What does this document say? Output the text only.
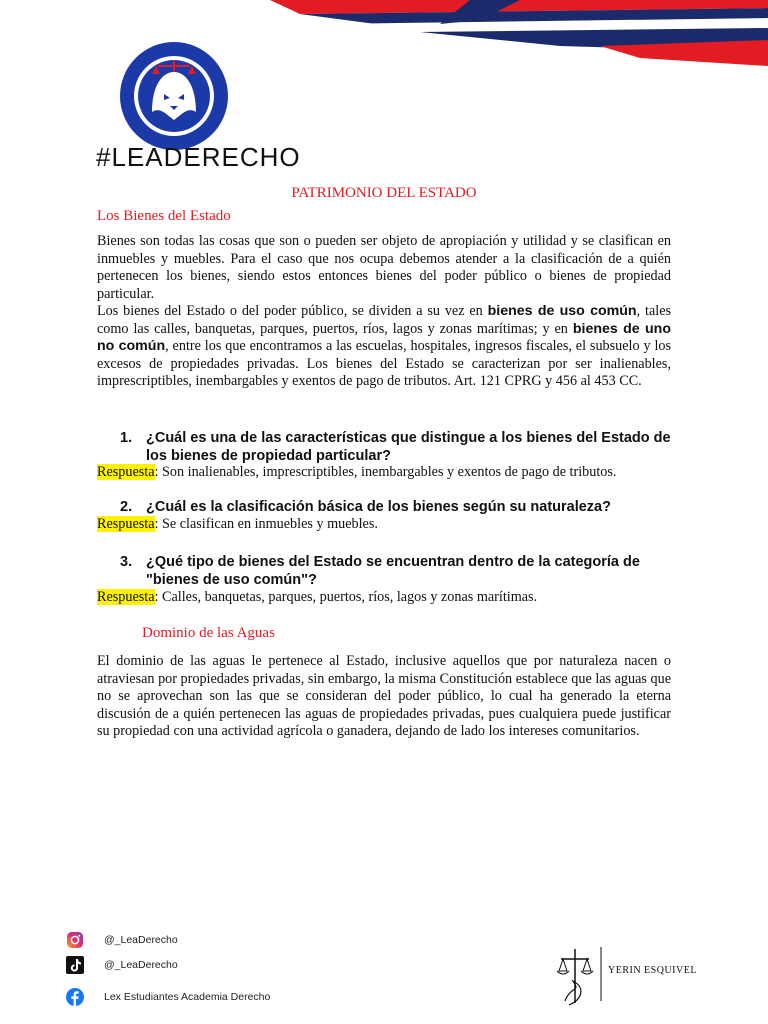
#LEADERECHO
PATRIMONIO DEL ESTADO
Los Bienes del Estado

Bienes son todas las cosas que son o pueden ser objeto de apropiación y utilidad y se clasifican en inmuebles y muebles. Para el caso que nos ocupa debemos atender a la clasificación de a quién pertenecen los bienes, siendo estos entonces bienes del poder público o bienes de propiedad particular.

Los bienes del Estado o del poder público, se dividen a su vez en bienes de uso común, tales como las calles, banquetas, parques, puertos, ríos, lagos y zonas marítimas; y en bienes de uno no común, entre los que encontramos a las escuelas, hospitales, ingresos fiscales, el subsuelo y los excesos de propiedades privadas. Los bienes del Estado se caracterizan por ser inalienables, imprescriptibles, inembargables y exentos de pago de tributos. Art. 121 CPRG y 456 al 453 CC.

1. ¿Cuál es una de las características que distingue a los bienes del Estado de los bienes de propiedad particular?
Respuesta: Son inalienables, imprescriptibles, inembargables y exentos de pago de tributos.
2. ¿Cuál es la clasificación básica de los bienes según su naturaleza?
Respuesta: Se clasifican en inmuebles y muebles.
3. ¿Qué tipo de bienes del Estado se encuentran dentro de la categoría de "bienes de uso común"?
Respuesta: Calles, banquetas, parques, puertos, ríos, lagos y zonas marítimas.
Dominio de las Aguas

El dominio de las aguas le pertenece al Estado, inclusive aquellos que por naturaleza nacen o atraviesan por propiedades privadas, sin embargo, la misma Constitución establece que las aguas que no se aprovechan son las que se consideran del poder público, lo cual ha generado la eterna discusión de a quién pertenecen las aguas de propiedades privadas, pues cualquiera puede justificar su propiedad con una actividad agrícola o ganadera, dejando de lado los intereses comunitarios.

@_LeaDerecho
@_LeaDerecho
Lex Estudiantes Academia Derecho
YERIN ESQUIVEL
